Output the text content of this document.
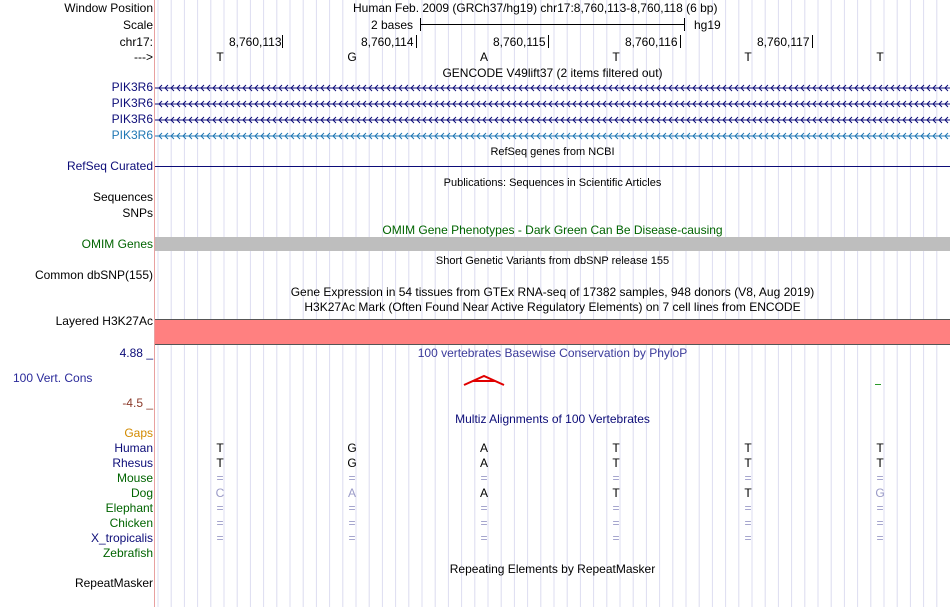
Window Position	Human Feb. 2009 (GRCh37/hg19) chr17:8,760,113-8,760,118 (6 bp)
Scale	2 bases	hg19
chr17:	8,760,113	8,760,114	8,760,115	8,760,116	8,760,117
--->	T	G	A	T	T	T
GENCODE V49lift37 (2 items filtered out)
PIK3R6
PIK3R6
PIK3R6
PIK3R6
RefSeq genes from NCBI
RefSeq Curated
Publications: Sequences in Scientific Articles
Sequences
SNPs
OMIM Gene Phenotypes - Dark Green Can Be Disease-causing
OMIM Genes
Short Genetic Variants from dbSNP release 155
Common dbSNP(155)
Gene Expression in 54 tissues from GTEx RNA-seq of 17382 samples, 948 donors (V8, Aug 2019)
H3K27Ac Mark (Often Found Near Active Regulatory Elements) on 7 cell lines from ENCODE
Layered H3K27Ac
4.88 _	100 vertebrates Basewise Conservation by PhyloP
100 Vert. Cons
-4.5 _
Multiz Alignments of 100 Vertebrates
Gaps
Human	T	G	A	T	T	T
Rhesus	T	G	A	T	T	T
Mouse	=	=	=	=	=	=
Dog	C	A	A	T	T	G
Elephant	=	=	=	=	=	=
Chicken	=	=	=	=	=	=
X_tropicalis	=	=	=	=	=	=
Zebrafish
Repeating Elements by RepeatMasker
RepeatMasker
